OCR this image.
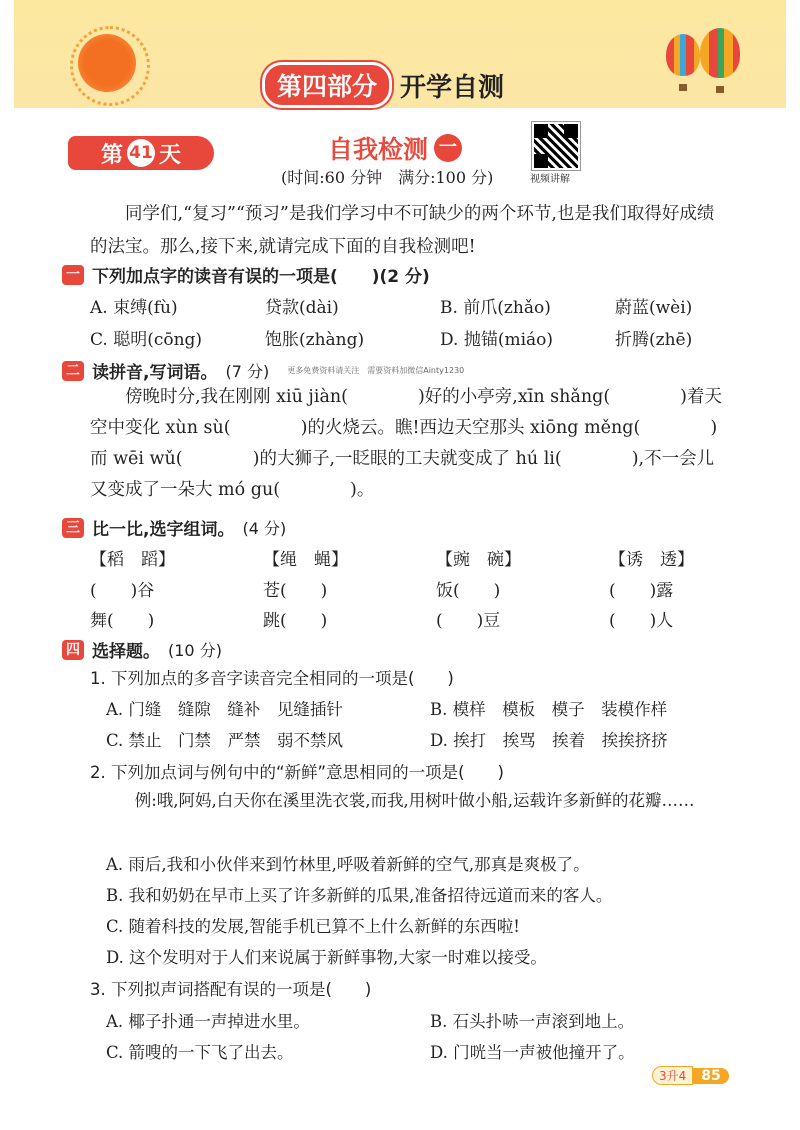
第四部分 开学自测
第 41 天	自我检测 一
(时间:60 分钟　满分:100 分)	视频讲解
同学们,“复习”“预习”是我们学习中不可缺少的两个环节,也是我们取得好成绩的法宝。那么,接下来,就请完成下面的自我检测吧!
一 下列加点字的读音有误的一项是(　　)(2 分)
A. 束缚(fù)	贷款(dài)	B. 前爪(zhǎo)	蔚蓝(wèi)
C. 聪明(cōng)	饱胀(zhàng)	D. 抛锚(miáo)	折腾(zhē)
二 读拼音,写词语。 (7 分) 更多免费资料请关注　需要资料加微信Ainty1230
傍晚时分,我在刚刚 xiū jiàn(　　　　)好的小亭旁,xīn shǎng(　　　　)着天
空中变化 xùn sù(　　　　)的火烧云。瞧!西边天空那头 xiōng měng(　　　　)
而 wēi wǔ(　　　　)的大狮子,一眨眼的工夫就变成了 hú li(　　　　),不一会儿
又变成了一朵大 mó gu(　　　　)。
三 比一比,选字组词。 (4 分)
【稻　蹈】	【绳　蝇】	【豌　碗】	【诱　透】
(　　)谷	苍(　　)	饭(　　)	(　　)露
舞(　　)	跳(　　)	(　　)豆	(　　)人
四 选择题。 (10 分)
1. 下列加点的多音字读音完全相同的一项是(　　)
A. 门缝　缝隙　缝补　见缝插针	B. 模样　模板　模子　装模作样
C. 禁止　门禁　严禁　弱不禁风	D. 挨打　挨骂　挨着　挨挨挤挤
2. 下列加点词与例句中的“新鲜”意思相同的一项是(　　)
例:哦,阿妈,白天你在溪里洗衣裳,而我,用树叶做小船,运载许多新鲜的花瓣……
A. 雨后,我和小伙伴来到竹林里,呼吸着新鲜的空气,那真是爽极了。
B. 我和奶奶在早市上买了许多新鲜的瓜果,准备招待远道而来的客人。
C. 随着科技的发展,智能手机已算不上什么新鲜的东西啦!
D. 这个发明对于人们来说属于新鲜事物,大家一时难以接受。
3. 下列拟声词搭配有误的一项是(　　)
A. 椰子扑通一声掉进水里。	B. 石头扑哧一声滚到地上。
C. 箭嗖的一下飞了出去。	D. 门咣当一声被他撞开了。
3升4	85
